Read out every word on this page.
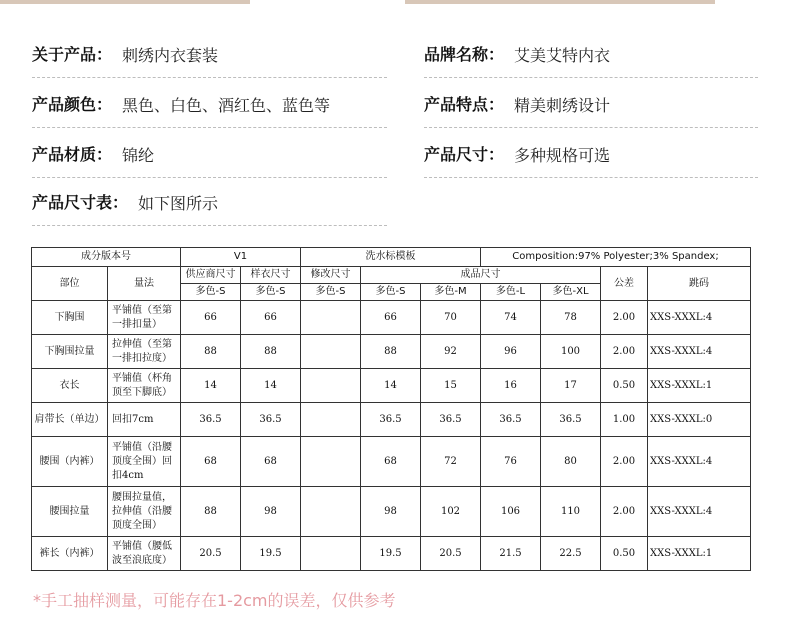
关于产品： 刺绣内衣套装	品牌名称： 艾美艾特内衣
产品颜色： 黑色、白色、酒红色、蓝色等	产品特点： 精美刺绣设计
产品材质： 锦纶	产品尺寸： 多种规格可选
产品尺寸表： 如下图所示
成分版本号		V1		洗水标模板			Composition:97% Polyester;3% Spandex;			
部位	量法	供应商尺寸	样衣尺寸	修改尺寸	成品尺寸				公差	跳码
		多色-S	多色-S	多色-S	多色-S	多色-M	多色-L	多色-XL		
下胸围	平铺值（至第一排扣量）	66	66		66	70	74	78	2.00	XXS-XXXL:4
下胸围拉量	拉伸值（至第一排扣拉度）	88	88		88	92	96	100	2.00	XXS-XXXL:4
衣长	平铺值（杯角顶至下脚底）	14	14		14	15	16	17	0.50	XXS-XXXL:1
肩带长（单边）	回扣7cm	36.5	36.5		36.5	36.5	36.5	36.5	1.00	XXS-XXXL:0
腰围（内裤）	平铺值（沿腰顶度全围）回扣4cm	68	68		68	72	76	80	2.00	XXS-XXXL:4
腰围拉量	腰围拉量值，拉伸值（沿腰顶度全围）	88	98		98	102	106	110	2.00	XXS-XXXL:4
裤长（内裤）	平铺值（腰低波至浪底度）	20.5	19.5		19.5	20.5	21.5	22.5	0.50	XXS-XXXL:1
*手工抽样测量，可能存在1-2cm的误差，仅供参考
